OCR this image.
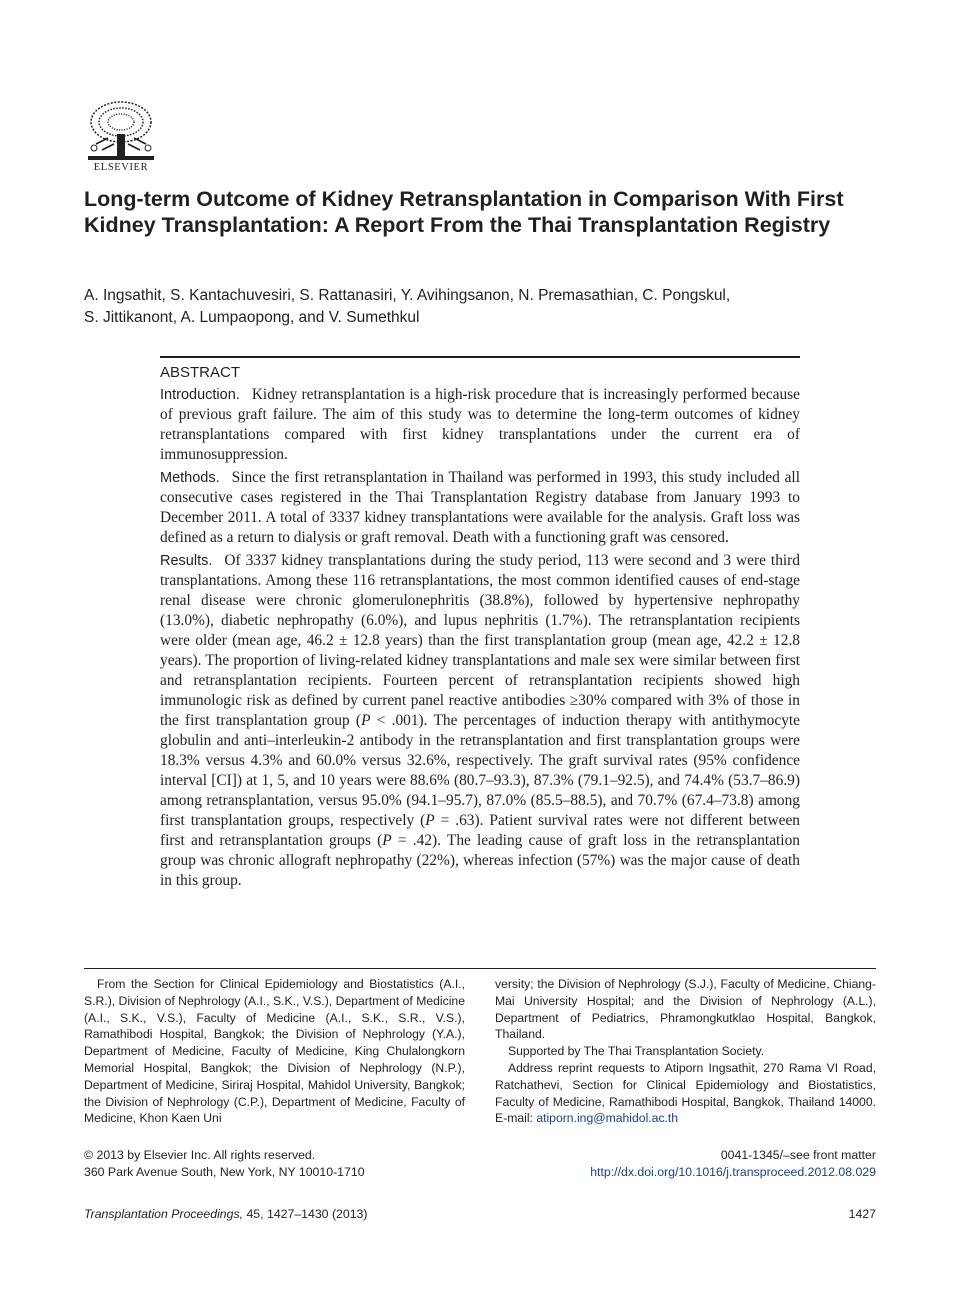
ELSEVIER
Long-term Outcome of Kidney Retransplantation in Comparison With First Kidney Transplantation: A Report From the Thai Transplantation Registry
A. Ingsathit, S. Kantachuvesiri, S. Rattanasiri, Y. Avihingsanon, N. Premasathian, C. Pongskul,
S. Jittikanont, A. Lumpaopong, and V. Sumethkul
ABSTRACT
Introduction. Kidney retransplantation is a high-risk procedure that is increasingly performed because of previous graft failure. The aim of this study was to determine the long-term outcomes of kidney retransplantations compared with first kidney transplantations under the current era of immunosuppression.
Methods. Since the first retransplantation in Thailand was performed in 1993, this study included all consecutive cases registered in the Thai Transplantation Registry database from January 1993 to December 2011. A total of 3337 kidney transplantations were available for the analysis. Graft loss was defined as a return to dialysis or graft removal. Death with a functioning graft was censored.
Results. Of 3337 kidney transplantations during the study period, 113 were second and 3 were third transplantations. Among these 116 retransplantations, the most common identified causes of end-stage renal disease were chronic glomerulonephritis (38.8%), followed by hypertensive nephropathy (13.0%), diabetic nephropathy (6.0%), and lupus nephritis (1.7%). The retransplantation recipients were older (mean age, 46.2 ± 12.8 years) than the first transplantation group (mean age, 42.2 ± 12.8 years). The proportion of living-related kidney transplantations and male sex were similar between first and retransplantation recipients. Fourteen percent of retransplantation recipients showed high immunologic risk as defined by current panel reactive antibodies ≥30% compared with 3% of those in the first transplantation group (P < .001). The percentages of induction therapy with antithymocyte globulin and anti–interleukin-2 antibody in the retransplantation and first transplantation groups were 18.3% versus 4.3% and 60.0% versus 32.6%, respectively. The graft survival rates (95% confidence interval [CI]) at 1, 5, and 10 years were 88.6% (80.7–93.3), 87.3% (79.1–92.5), and 74.4% (53.7–86.9) among retransplantation, versus 95.0% (94.1–95.7), 87.0% (85.5–88.5), and 70.7% (67.4–73.8) among first transplantation groups, respectively (P = .63). Patient survival rates were not different between first and retransplantation groups (P = .42). The leading cause of graft loss in the retransplantation group was chronic allograft nephropathy (22%), whereas infection (57%) was the major cause of death in this group.

From the Section for Clinical Epidemiology and Biostatistics (A.I., S.R.), Division of Nephrology (A.I., S.K., V.S.), Department of Medicine (A.I., S.K., V.S.), Faculty of Medicine (A.I., S.K., S.R., V.S.), Ramathibodi Hospital, Bangkok; the Division of Nephrology (Y.A.), Department of Medicine, Faculty of Medicine, King Chulalongkorn Memorial Hospital, Bangkok; the Division of Nephrology (N.P.), Department of Medicine, Siriraj Hospital, Mahidol University, Bangkok; the Division of Nephrology (C.P.), Department of Medicine, Faculty of Medicine, Khon Kaen Uni

versity; the Division of Nephrology (S.J.), Faculty of Medicine, Chiang-Mai University Hospital; and the Division of Nephrology (A.L.), Department of Pediatrics, Phramongkutklao Hospital, Bangkok, Thailand.

Supported by The Thai Transplantation Society.

Address reprint requests to Atiporn Ingsathit, 270 Rama VI Road, Ratchathevi, Section for Clinical Epidemiology and Biostatistics, Faculty of Medicine, Ramathibodi Hospital, Bangkok, Thailand 14000. E-mail: atiporn.ing@mahidol.ac.th

© 2013 by Elsevier Inc. All rights reserved.
360 Park Avenue South, New York, NY 10010-1710
0041-1345/–see front matter
http://dx.doi.org/10.1016/j.transproceed.2012.08.029
Transplantation Proceedings, 45, 1427–1430 (2013)	1427
